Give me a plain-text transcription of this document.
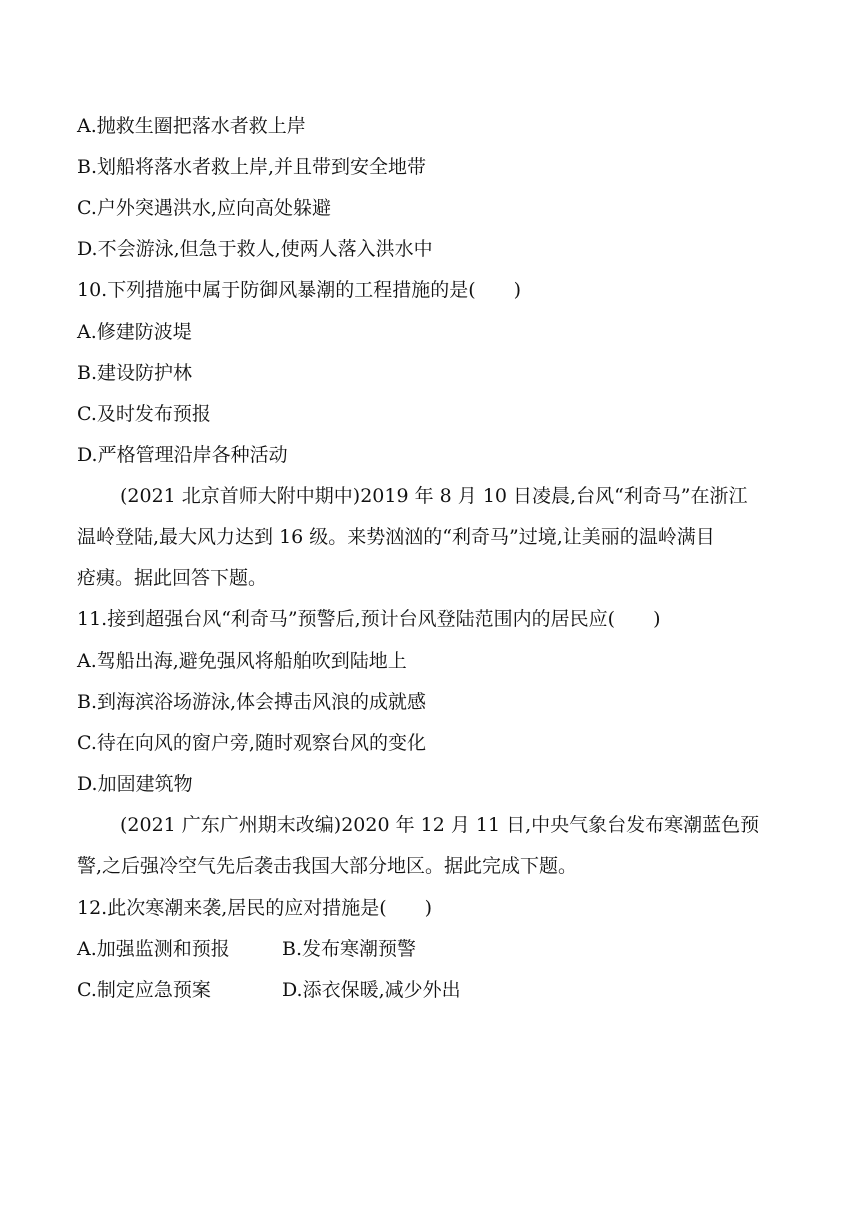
A.抛救生圈把落水者救上岸
B.划船将落水者救上岸,并且带到安全地带
C.户外突遇洪水,应向高处躲避
D.不会游泳,但急于救人,使两人落入洪水中
10.下列措施中属于防御风暴潮的工程措施的是(　　)
A.修建防波堤
B.建设防护林
C.及时发布预报
D.严格管理沿岸各种活动
(2021 北京首师大附中期中)2019 年 8 月 10 日凌晨,台风“利奇马”在浙江
温岭登陆,最大风力达到 16 级。来势汹汹的“利奇马”过境,让美丽的温岭满目
疮痍。据此回答下题。
11.接到超强台风“利奇马”预警后,预计台风登陆范围内的居民应(　　)
A.驾船出海,避免强风将船舶吹到陆地上
B.到海滨浴场游泳,体会搏击风浪的成就感
C.待在向风的窗户旁,随时观察台风的变化
D.加固建筑物
(2021 广东广州期末改编)2020 年 12 月 11 日,中央气象台发布寒潮蓝色预
警,之后强冷空气先后袭击我国大部分地区。据此完成下题。
12.此次寒潮来袭,居民的应对措施是(　　)
A.加强监测和预报	B.发布寒潮预警
C.制定应急预案	D.添衣保暖,减少外出
